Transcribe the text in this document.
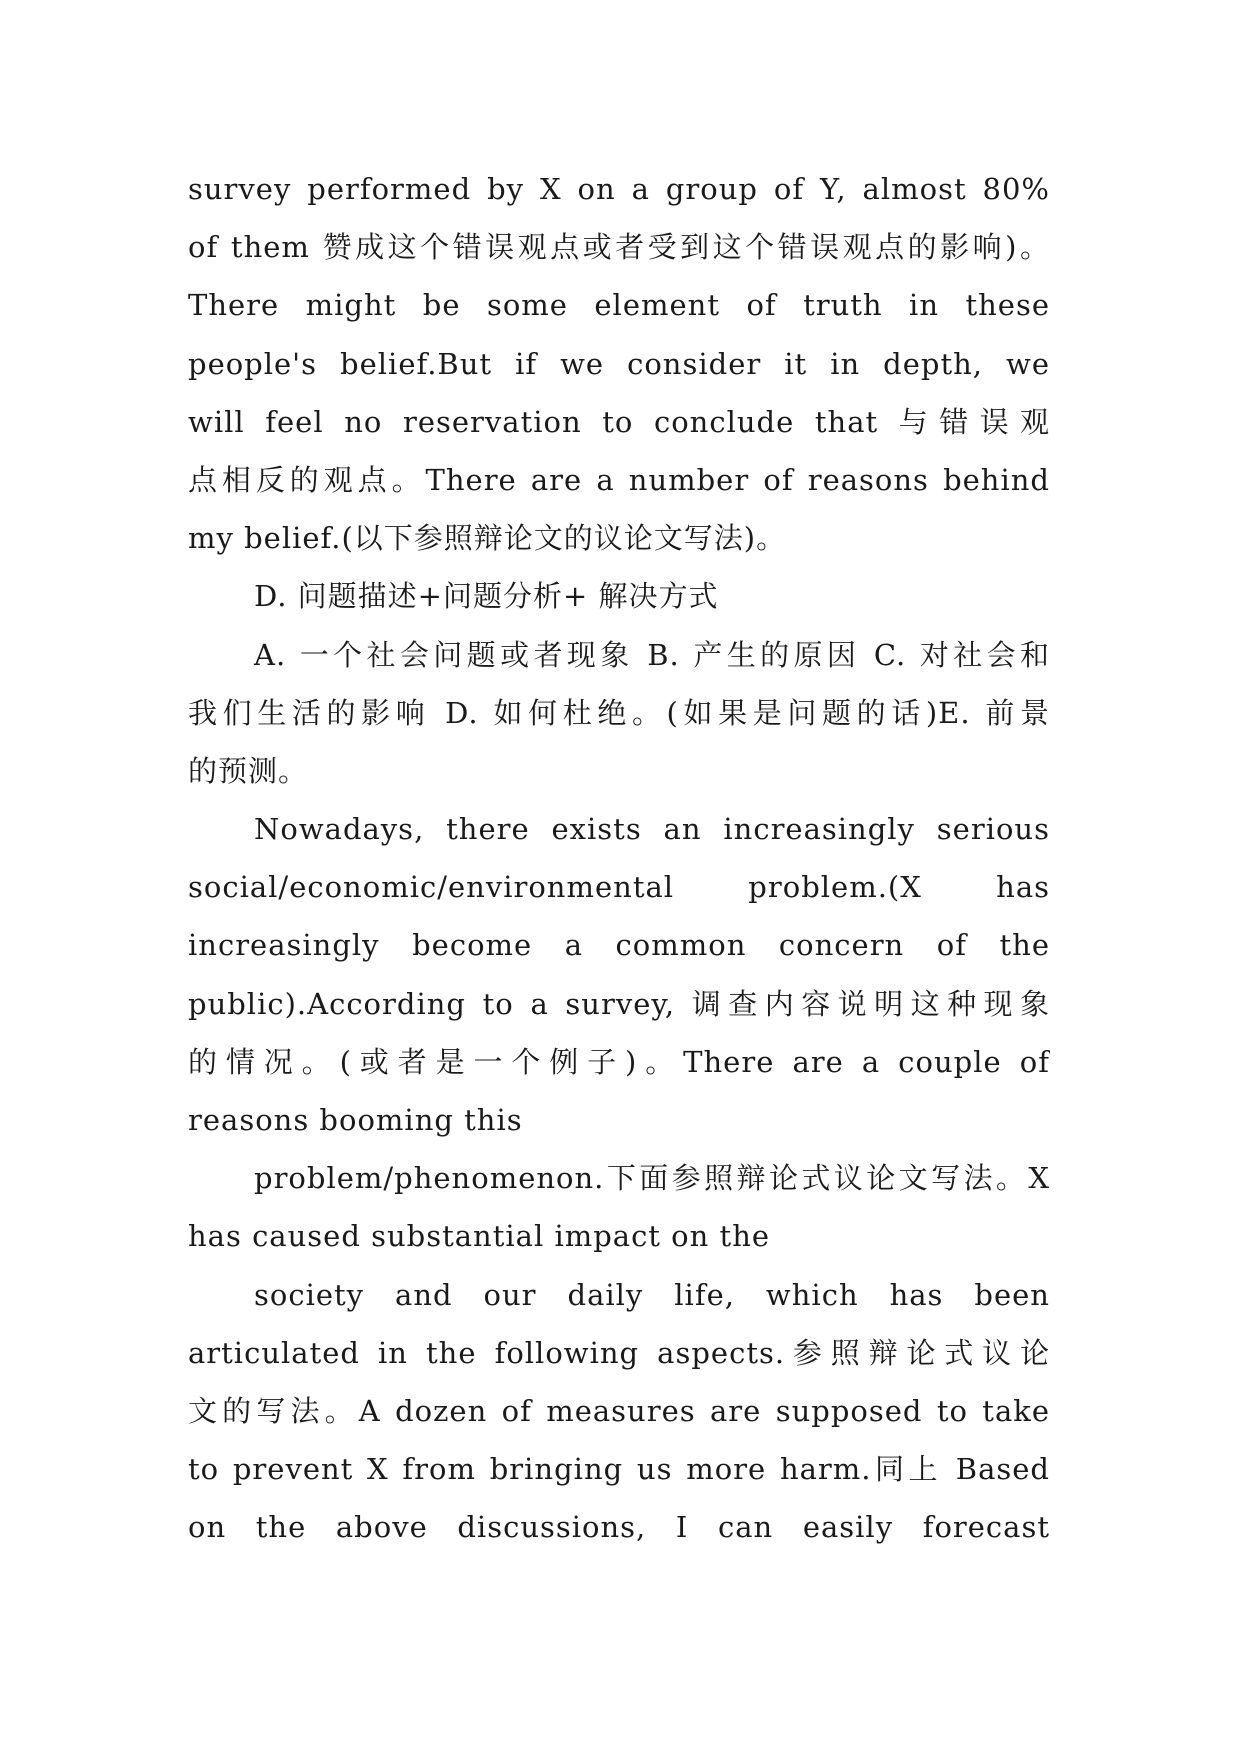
survey performed by X on a group of Y, almost 80%
of them 赞成这个错误观点或者受到这个错误观点的影响)。
There might be some element of truth in these
people's belief.But if we consider it in depth, we
will feel no reservation to conclude that 与错误观
点相反的观点。There are a number of reasons behind
my belief.(以下参照辩论文的议论文写法)。
D. 问题描述+问题分析+ 解决方式
A. 一个社会问题或者现象 B. 产生的原因 C. 对社会和
我们生活的影响 D. 如何杜绝。(如果是问题的话)E. 前景
的预测。
Nowadays, there exists an increasingly serious
social/economic/environmental problem.(X has
increasingly become a common concern of the
public).According to a survey, 调查内容说明这种现象
的情况。(或者是一个例子)。There are a couple of
reasons booming this
problem/phenomenon.下面参照辩论式议论文写法。X
has caused substantial impact on the
society and our daily life, which has been
articulated in the following aspects.参照辩论式议论
文的写法。A dozen of measures are supposed to take
to prevent X from bringing us more harm.同上 Based
on the above discussions, I can easily forecast
